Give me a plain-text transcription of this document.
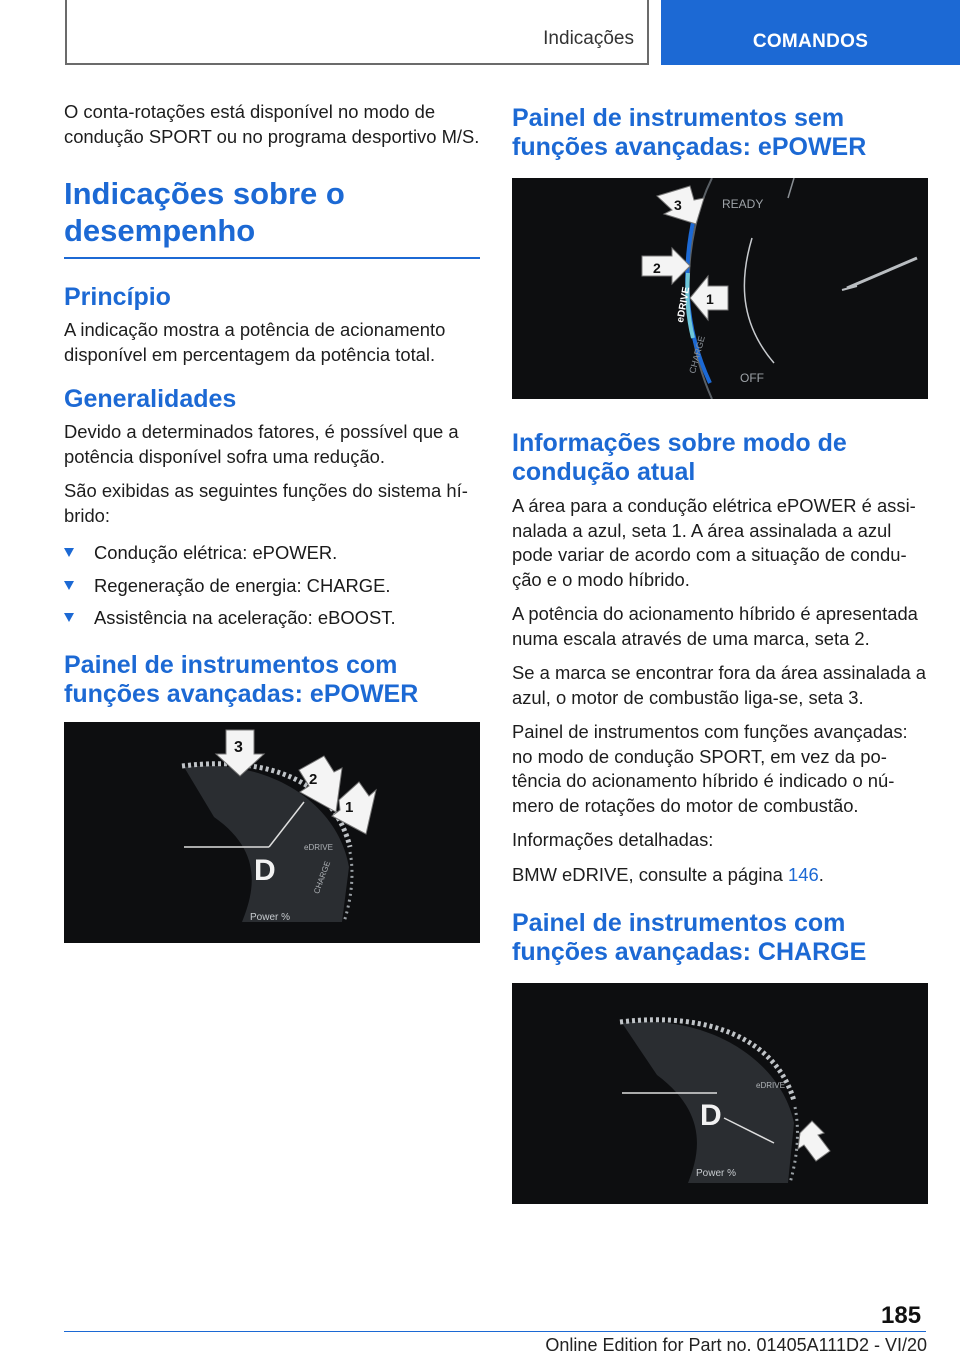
Indicações	COMANDOS

O conta-rotações está disponível no modo de condução SPORT ou no programa desportivo M/S.

Indicações sobre o desempenho
Princípio

A indicação mostra a potência de acionamento disponível em percentagem da potência total.

Generalidades

Devido a determinados fatores, é possível que a potência disponível sofra uma redução.

São exibidas as seguintes funções do sistema híbrido:

Condução elétrica: ePOWER.
Regeneração de energia: CHARGE.
Assistência na aceleração: eBOOST.
Painel de instrumentos com funções avançadas: ePOWER
D
eDRIVE
CHARGE
Power %
3
2
1
Painel de instrumentos sem funções avançadas: ePOWER
READY
OFF
eDRIVE
CHARGE
3
2
1
Informações sobre modo de condução atual

A área para a condução elétrica ePOWER é assinalada a azul, seta 1. A área assinalada a azul pode variar de acordo com a situação de condução e o modo híbrido.

A potência do acionamento híbrido é apresentada numa escala através de uma marca, seta 2.

Se a marca se encontrar fora da área assinalada a azul, o motor de combustão liga-se, seta 3.

Painel de instrumentos com funções avançadas: no modo de condução SPORT, em vez da potência do acionamento híbrido é indicado o número de rotações do motor de combustão.

Informações detalhadas:

BMW eDRIVE, consulte a página 146.

Painel de instrumentos com funções avançadas: CHARGE
D
eDRIVE
Power %
185
Online Edition for Part no. 01405A111D2 - VI/20
